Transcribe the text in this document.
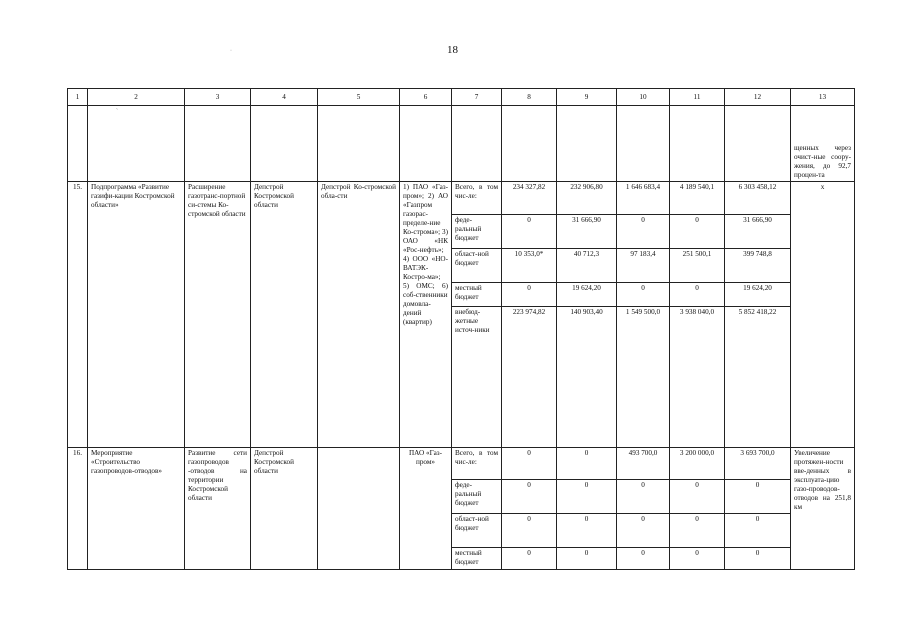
18
·
1	2	3	4	5	6	7	8	9	10	11	12	13
	`											щенных через очист-ные соору-жения, до 92,7 процен-та
15.	Подпрограмма «Развитие газифи-кации Костромской области»	Расширение газотранс-портной си-стемы Ко-стромской области	Депстрой Костромской области	Депстрой Ко-стромской обла-сти	1) ПАО «Газ-пром»; 2) АО «Газпром газорас-пределе-ние Ко-строма»; 3) ОАО «НК «Рос-нефть»; 4) ООО «НО-ВАТЭК-Костро-ма»; 5) ОМС; 6) соб-ственники домовла-дений (квартир)	Всего, в том чис-ле:	234 327,82	232 906,80	1 646 683,4	4 189 540,1	6 303 458,12	х
						феде-ральный бюджет	0	31 666,90	0	0	31 666,90	
						област-ной бюджет	10 353,0*	40 712,3	97 183,4	251 500,1	399 748,8	
						местный бюджет	0	19 624,20	0	0	19 624,20	
						внебюд-жетные источ-ники	223 974,82	140 903,40	1 549 500,0	3 938 040,0	5 852 418,22	
16.	Мероприятие «Строительство газопроводов-отводов»	Развитие сети газопроводов -отводов на территории Костромской области	Депстрой Костромской области		ПАО «Газ-пром»	Всего, в том чис-ле:	0	0	493 700,0	3 200 000,0	3 693 700,0	Увеличение протяжен-ности вве-денных в эксплуата-цию газо-проводов-отводов на 251,8 км
						феде-ральный бюджет	0	0	0	0	0	
						област-ной бюджет	0	0	0	0	0	
						местный бюджет	0	0	0	0	0	
